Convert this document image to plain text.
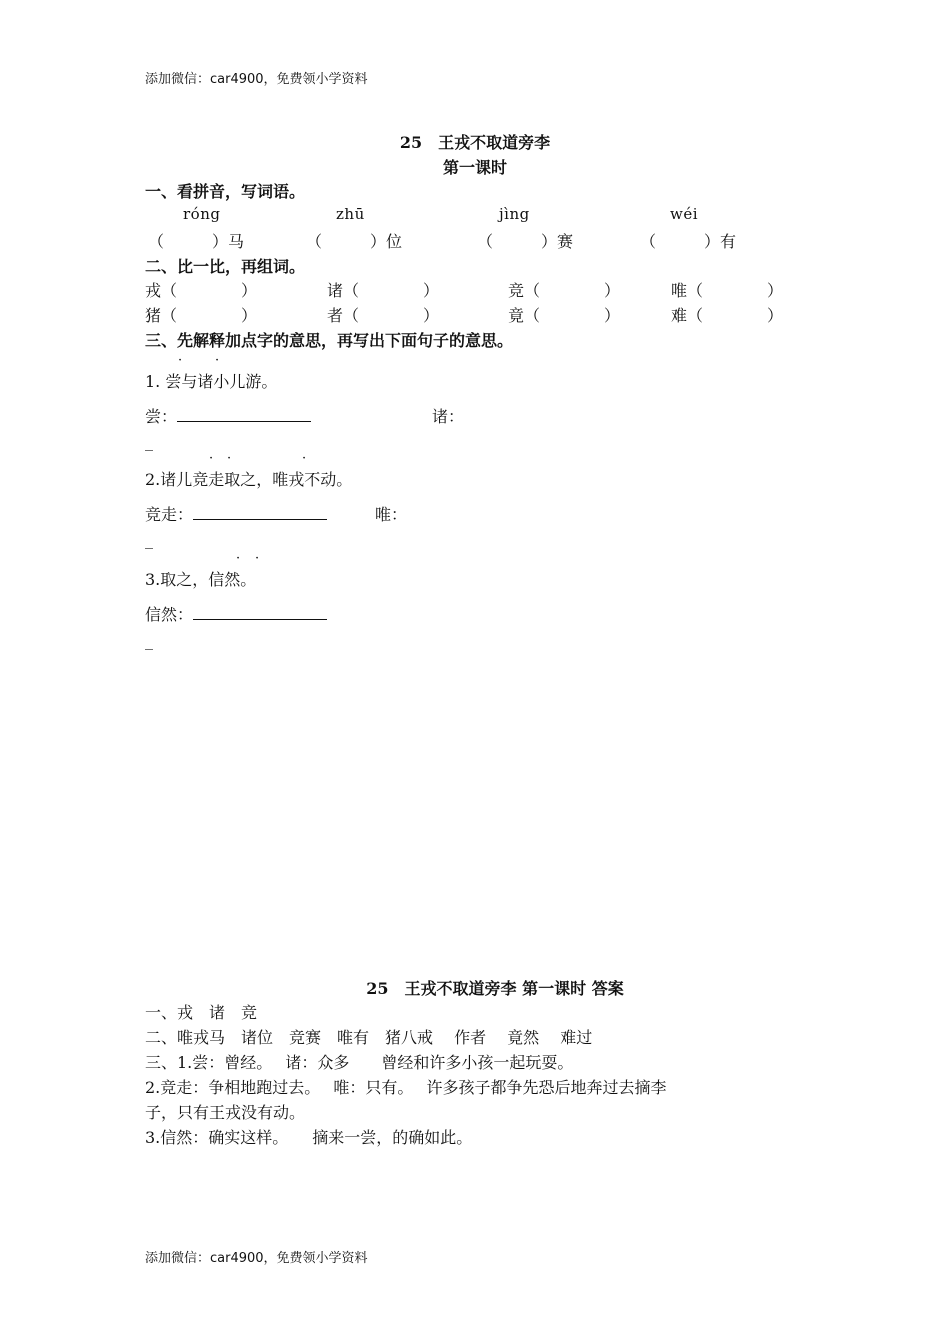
添加微信：car4900，免费领小学资料
25　王戎不取道旁李
第一课时
一、看拼音，写词语。
róng	zhū	jìng	wéi
（　　　）马	（　　　）位	（　　　）赛	（　　　）有
二、比一比，再组词。
戎（　　　　）	诸（　　　　）	竞（　　　　）	唯（　　　　）
猪（　　　　）	者（　　　　）	竟（　　　　）	难（　　　　）
三、先解释加点字的意思，再写出下面句子的意思。
·	·
1. 尝与诸小儿游。
尝：	诸：
_
· ·	·
2.诸儿竞走取之，唯戎不动。
竞走：	唯：
_
· ·
3.取之，信然。
信然：
_
25　王戎不取道旁李 第一课时 答案
一、戎　诸　竞
二、唯戎马　诸位　竞赛　唯有　猪八戒　 作者　 竟然　 难过
三、1.尝：曾经。　 诸：众多　　曾经和许多小孩一起玩耍。
2.竞走：争相地跑过去。　 唯：只有。　 许多孩子都争先恐后地奔过去摘李
子，只有王戎没有动。
3.信然：确实这样。　　摘来一尝，的确如此。
添加微信：car4900，免费领小学资料
